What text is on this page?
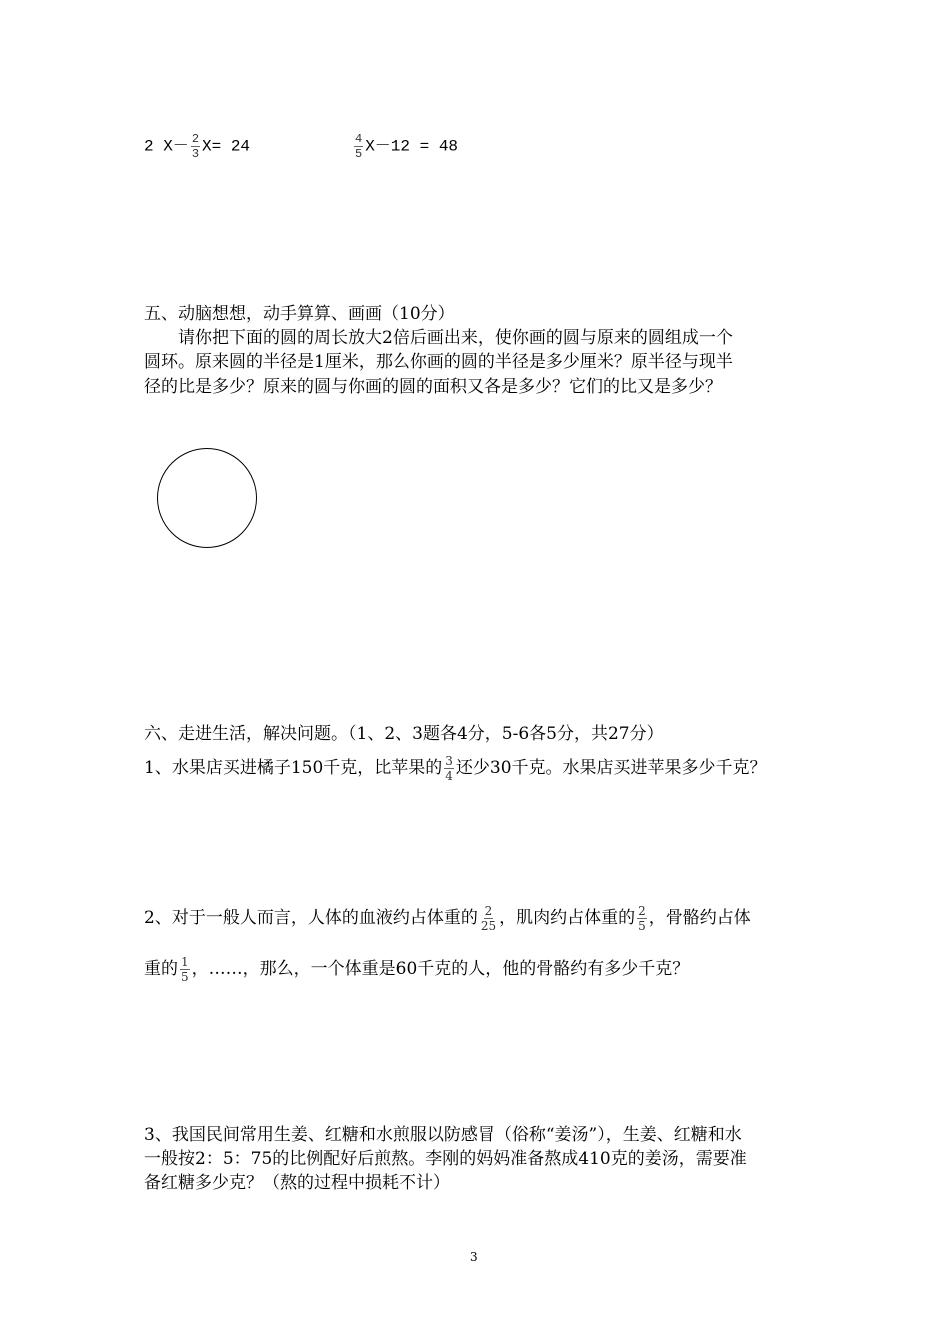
2 $X- \frac{2}{3} X= 24$	$\frac{4}{5} X-12 = 48$
五、动脑想想，动手算算、画画（10分）
请你把下面的圆的周长放大2倍后画出来，使你画的圆与原来的圆组成一个
圆环。原来圆的半径是1厘米，那么你画的圆的半径是多少厘米？原半径与现半
径的比是多少？原来的圆与你画的圆的面积又各是多少？它们的比又是多少？
六、走进生活，解决问题。（1、2、3题各4分，5-6各5分，共27分）
1、水果店买进橘子150千克，比苹果的 $\frac{3}{4}$ 还少30千克。水果店买进苹果多少千克？
2、对于一般人而言，人体的血液约占体重的 $\frac{2}{25}$ ，肌肉约占体重的 $\frac{2}{5}$ ，骨骼约占体
重的 $\frac{1}{5}$ ，……，那么，一个体重是60千克的人，他的骨骼约有多少千克？
3、我国民间常用生姜、红糖和水煎服以防感冒（俗称“姜汤”），生姜、红糖和水
一般按2：5：75的比例配好后煎熬。李刚的妈妈准备熬成410克的姜汤，需要准
备红糖多少克？（熬的过程中损耗不计）
3
